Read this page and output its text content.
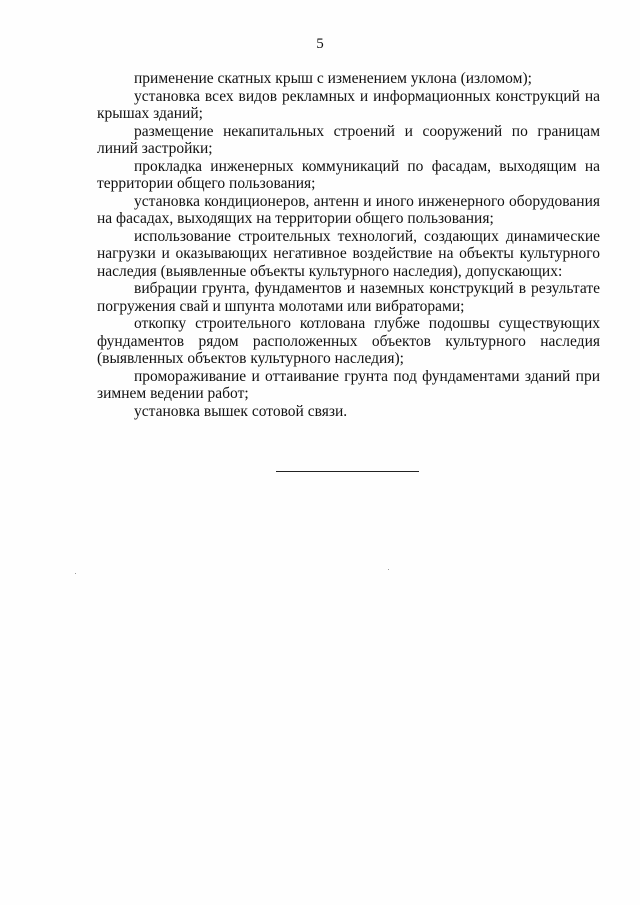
5

применение скатных крыш с изменением уклона (изломом);

установка всех видов рекламных и информационных конструкций на крышах зданий;

размещение некапитальных строений и сооружений по границам линий застройки;

прокладка инженерных коммуникаций по фасадам, выходящим на территории общего пользования;

установка кондиционеров, антенн и иного инженерного оборудования на фасадах, выходящих на территории общего пользования;

использование строительных технологий, создающих динамические нагрузки и оказывающих негативное воздействие на объекты культурного наследия (выявленные объекты культурного наследия), допускающих:

вибрации грунта, фундаментов и наземных конструкций в результате погружения свай и шпунта молотами или вибраторами;

откопку строительного котлована глубже подошвы существующих фундаментов рядом расположенных объектов культурного наследия (выявленных объектов культурного наследия);

промораживание и оттаивание грунта под фундаментами зданий при зимнем ведении работ;

установка вышек сотовой связи.
